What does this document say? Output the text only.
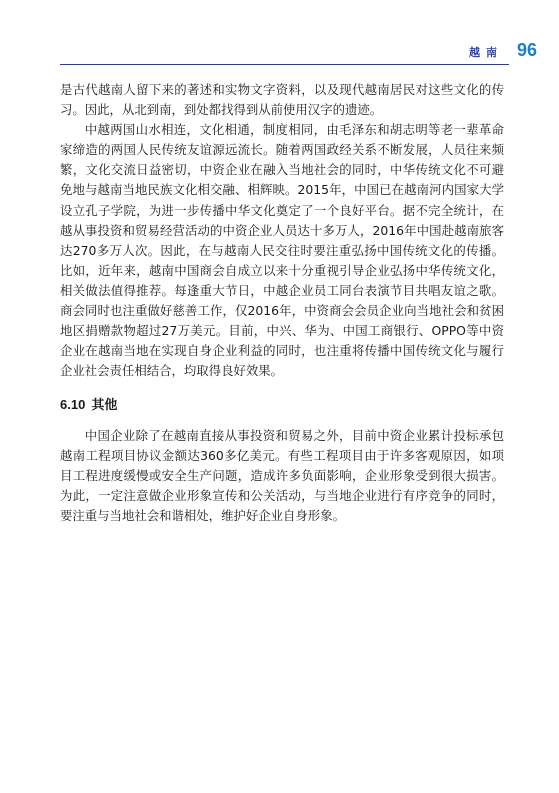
越南 96

是古代越南人留下来的著述和实物文字资料，以及现代越南居民对这些文化的传习。因此，从北到南，到处都找得到从前使用汉字的遗迹。

中越两国山水相连，文化相通，制度相同，由毛泽东和胡志明等老一辈革命家缔造的两国人民传统友谊源远流长。随着两国政经关系不断发展，人员往来频繁，文化交流日益密切，中资企业在融入当地社会的同时，中华传统文化不可避免地与越南当地民族文化相交融、相辉映。2015年，中国已在越南河内国家大学设立孔子学院，为进一步传播中华文化奠定了一个良好平台。据不完全统计，在越从事投资和贸易经营活动的中资企业人员达十多万人，2016年中国赴越南旅客达270多万人次。因此，在与越南人民交往时要注重弘扬中国传统文化的传播。比如，近年来，越南中国商会自成立以来十分重视引导企业弘扬中华传统文化，相关做法值得推荐。每逢重大节日，中越企业员工同台表演节目共唱友谊之歌。商会同时也注重做好慈善工作，仅2016年，中资商会会员企业向当地社会和贫困地区捐赠款物超过27万美元。目前，中兴、华为、中国工商银行、OPPO等中资企业在越南当地在实现自身企业利益的同时，也注重将传播中国传统文化与履行企业社会责任相结合，均取得良好效果。

6.10 其他

中国企业除了在越南直接从事投资和贸易之外，目前中资企业累计投标承包越南工程项目协议金额达360多亿美元。有些工程项目由于许多客观原因，如项目工程进度缓慢或安全生产问题，造成许多负面影响，企业形象受到很大损害。为此，一定注意做企业形象宣传和公关活动，与当地企业进行有序竞争的同时，要注重与当地社会和谐相处，维护好企业自身形象。
